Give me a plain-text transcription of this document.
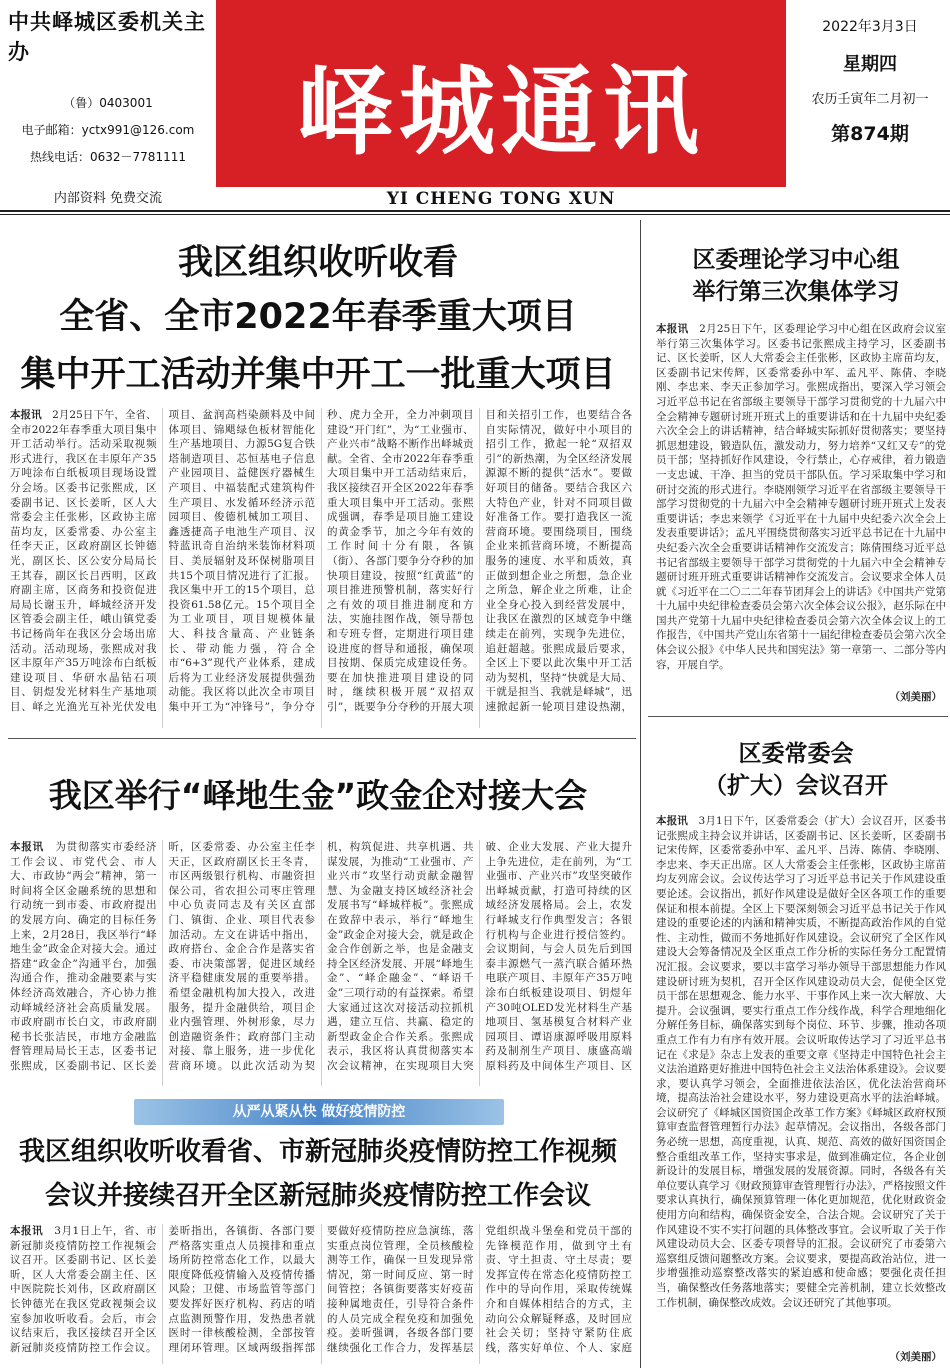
中共峄城区委机关主办
（鲁）0403001
电子邮箱：yctx991@126.com
热线电话：0632－7781111
内部资料 免费交流
峄城通讯
YI CHENG TONG XUN
2022年3月3日
星期四
农历壬寅年二月初一
第874期
我区组织收听收看
全省、全市2022年春季重大项目
集中开工活动并集中开工一批重大项目
本报讯　 2月25日下午，全省、全市2022年春季重大项目集中开工活动举行。活动采取视频形式进行，我区在丰原年产35万吨涂布白纸板项目现场设置分会场。区委书记张熙成，区委副书记、区长姜昕，区人大常委会主任张彬，区政协主席苗均友，区委常委、办公室主任李天正，区政府副区长钟德光，副区长、区公安分局局长王其春，副区长吕西明，区政府副主席，区商务和投资促进局局长谢玉升，峄城经济开发区管委会副主任，峨山镇党委书记杨尚年在我区分会场出席活动。活动现场，张熙成对我区丰原年产35万吨涂布白纸板建设项目、华研水晶钻石项目、钥煜发光材料生产基地项目、峄之光渔光互补光伏发电项目、盆润高档染颜料及中间体项目、锦飓绿色板材智能化生产基地项目、力源5G复合铁塔制造项目、芯恒基电子信息产业园项目、益健医疗器械生产项目、中福装配式建筑构件生产项目、水发循环经济示范园项目、俊德机械加工项目、鑫透捷高子电池生产项目、汉特蓝讯奇自治纳米装饰材料项目、美辰辐射及环保树脂项目共15个项目情况进行了汇报。我区集中开工的15个项目，总投资61.58亿元。15个项目全为工业项目，项目规模体量大、科技含量高、产业链条长、带动能力强，符合全市“6+3”现代产业体系，建成后将为工业经济发展提供强劲动能。我区将以此次全市项目集中开工为“冲锋号”，争分夺秒、虎力全开，全力冲刺项目建设“开门红”，为“工业强市、产业兴市”战略不断作出峄城贡献。全省、全市2022年春季重大项目集中开工活动结束后，我区接续召开全区2022年春季重大项目集中开工活动。张熙成强调，春季是项目施工建设的黄金季节，加之今年有效的工作时间十分有限，各镇（街）、各部门要争分夺秒的加快项目建设，按照“红黄蓝”的项目推进预警机制，落实好行之有效的项目推进制度和方法，实施挂图作战，领导帮包和专班专督，定期进行项目建设进度的督导和通报，确保项目按期、保质完成建设任务。要在加快推进项目建设的同时，继续积极开展“双招双引”，既要争分夺秒的开展大项目和关招引工作，也要结合各自实际情况，做好中小项目的招引工作，掀起一轮“双招双引”的新热潮，为全区经济发展源源不断的提供“活水”。要做好项目的储备。要结合我区六大特色产业，针对不同项目做好准备工作。要打造我区一流营商环境。要围绕项目，围绕企业来抓营商环境，不断提高服务的速度、水平和质效，真正做到想企业之所想，急企业之所急，解企业之所难，让企业全身心投入到经营发展中，让我区在激烈的区域竞争中继续走在前列，实现争先进位，追赶超越。张熙成最后要求，全区上下要以此次集中开工活动为契机，坚持“快就是大局、干就是担当、我就是峄城”，迅速掀起新一轮项目建设热潮，
我区举行“峄地生金”政金企对接大会
本报讯　 为贯彻落实市委经济工作会议、市党代会、市人大、市政协“两会”精神，第一时间将全区金融系统的思想和行动统一到市委、市政府提出的发展方向、确定的目标任务上来，2月28日，我区举行“峄地生金”政金企对接大会。通过搭建“政金企”沟通平台，加强沟通合作，推动金融要素与实体经济高效融合，齐心协力推动峄城经济社会高质量发展。市政府副市长白文，市政府副秘书长张洁民，市地方金融监督管理局局长王志，区委书记张熙成，区委副书记、区长姜昕，区委常委、办公室主任李天正，区政府副区长王冬青，市区两级银行机构、市融资担保公司，省农担公司枣庄管理中心负责同志及有关区直部门、镇街、企业、项目代表参加活动。左文在讲话中指出，政府搭台、金企合作是落实省委、市决策部署，促进区域经济平稳健康发展的重要举措。希望金融机构加大投入，改进服务，提升金融供给，项目企业内强管理、外树形象，尽力创造融资条件；政府部门主动对接、靠上服务，进一步优化营商环境。以此次活动为契机，构筑促进、共享机遇、共谋发展，为推动“工业强市、产业兴市”攻坚行动贡献金融智慧、为金融支持区域经济社会发展书写“峄城样板”。张熙成在致辞中表示，举行“峄地生金”政金企对接大会，就是政企金合作创新之举，也是金融支持全区经济发展、开展“峄地生金”、“峄企融金”、“峄语千金”三项行动的有益探索。希望大家通过这次对接活动拉抓机遇，建立互信、共赢、稳定的新型政金企合作关系。张熙成表示，我区将认真贯彻落实本次会议精神，在实现项目大突破、企业大发展、产业大提升上争先进位，走在前列，为“工业强市、产业兴市”攻坚突破作出峄城贡献，打造可持续的区域经济发展格局。会上，农发行峄城支行作典型发言；各银行机构与企业进行授信签约。会议期间，与会人员先后到国泰丰源燃气一蒸汽联合循环热电联产项目、丰原年产35万吨涂布白纸板建设项目、钥煜年产30吨OLED发光材料生产基地项目、氢基模复合材料产业园项目、谭语康源呼吸用原料药及制剂生产项目、康盛高端原料药及中间体生产项目、区
从严从紧从快 做好疫情防控
我区组织收听收看省、市新冠肺炎疫情防控工作视频
会议并接续召开全区新冠肺炎疫情防控工作会议
本报讯　 3月1日上午，省、市新冠肺炎疫情防控工作视频会议召开。区委副书记、区长姜昕，区人大常委会副主任、区中医院院长刘伟，区政府副区长钟德光在我区党政视频会议室参加收听收看。会后，市会议结束后，我区接续召开全区新冠肺炎疫情防控工作会议。姜昕指出，各镇街、各部门要严格落实重点人员摸排和重点场所防控常态化工作，以最大限度降低疫情输入及疫情传播风险；卫健、市场监管等部门要发挥好医疗机构、药店的哨点监测预警作用，发热患者就医时一律核酸检测，全部按管理闭环管理。区域两级指挥部要做好疫情防控应急演练，落实重点岗位管理，全员核酸检测等工作，确保一旦发现异常情况，第一时间反应、第一时间管控；各镇街要落实好疫苗接种属地责任，引导符合条件的人员完成全程免疫和加强免疫。姜昕强调，各级各部门要继续强化工作合力，发挥基层党组织战斗堡垒和党员干部的先锋模范作用，做到守土有责、守土担责、守土尽责；要发挥宣传在常态化疫情防控工作中的导向作用，采取传统媒介和自媒体相结合的方式，主动向公众解疑释惑，及时回应社会关切；坚持守紧防住底线，落实好单位、个人、家庭
区委理论学习中心组
举行第三次集体学习
本报讯　 2月25日下午，区委理论学习中心组在区政府会议室举行第三次集体学习。区委书记张熙成主持学习，区委副书记、区长姜昕，区人大常委会主任张彬，区政协主席苗均友，区委副书记宋传辉，区委常委孙中军、孟凡平、陈倩、李晓刚、李忠来、李天正参加学习。张熙成指出，要深入学习领会习近平总书记在省部级主要领导干部学习贯彻党的十九届六中全会精神专题研讨班开班式上的重要讲话和在十九届中央纪委六次全会上的讲话精神，结合峄城实际抓好贯彻落实；要坚持抓思想建设，锻造队伍，激发动力，努力培养“又红又专”的党员干部；坚持抓好作风建设，令行禁止，心存戒律，着力锻造一支忠诚、干净、担当的党员干部队伍。学习采取集中学习和研讨交流的形式进行。李晓刚领学习近平在省部级主要领导干部学习贯彻党的十九届六中全会精神专题研讨班开班式上发表重要讲话；李忠来领学《习近平在十九届中央纪委六次全会上发表重要讲话》；孟凡平围绕贯彻落实习近平总书记在十九届中央纪委六次全会重要讲话精神作交流发言；陈倩围绕习近平总书记省部级主要领导干部学习贯彻党的十九届六中全会精神专题研讨班开班式重要讲话精神作交流发言。会议要求全体人员就《习近平在二〇二二年春节团拜会上的讲话》《中国共产党第十九届中央纪律检查委员会第六次全体会议公报》，赵乐际在中国共产党第十九届中央纪律检查委员会第六次全体会议上的工作报告，《中国共产党山东省第十一届纪律检查委员会第六次全体会议公报》《中华人民共和国宪法》第一章第一、二部分等内容，开展自学。
（刘美丽）
区委常委会
（扩大）会议召开
本报讯　 3月1日下午，区委常委会（扩大）会议召开，区委书记张熙成主持会议并讲话，区委副书记、区长姜昕，区委副书记宋传辉，区委常委孙中军、孟凡平、吕涛、陈倩、李晓刚、李忠来、李天正出席。区人大常委会主任张彬，区政协主席苗均友列席会议。会议传达学习了习近平总书记关于作风建设重要论述。会议指出，抓好作风建设是做好全区各项工作的重要保证和根本前提。全区上下要深刻领会习近平总书记关于作风建设的重要论述的内涵和精神实质，不断提高政治作风的自觉性、主动性，做而不务地抓好作风建设。会议研究了全区作风建设大会筹备情况及全区重点工作分析的实际任务分工配置情况汇报。会议要求，要以丰富学习举办领导干部思想能力作风建设研讨班为契机，召开全区作风建设动员大会，促使全区党员干部在思想观念、能力水平、干事作风上来一次大解放、大提升。会议强调，要实行重点工作分线作战，科学合理地细化分解任务目标，确保落实到每个岗位、环节、步骤，推动各项重点工作有力有序有效开展。会议听取传达学习了习近平总书记在《求是》杂志上发表的重要文章《坚持走中国特色社会主义法治道路更好推进中国特色社会主义法治体系建设》。会议要求，要认真学习领会，全面推进依法治区，优化法治营商环境，提高法治社会建设水平，努力建设更高水平的法治峄城。会议研究了《峄城区国资国企改革工作方案》《峄城区政府权预算审查监督管理暂行办法》起草情况。会议指出，各级各部门务必统一思想，高度重视，认真、规范、高效的做好国资国企整合重组改革工作，坚持实事求是，做到准确定位，各企业创新设计的发展目标，增强发展的发展资源。同时，各级各有关单位要认真学习《财政预算审查管理暂行办法》，严格按照文件要求认真执行，确保预算管理一体化更加规范，优化财政资金使用方向和结构，确保资金安全，合法合规。会议研究了关于作风建设不实不实打问题的具体整改事宜。会议听取了关于作风建设动员大会、区委专项督导的汇报。会议研究了市委第六巡察组反馈问题整改方案。会议要求，要提高政治站位，进一步增强推动巡察整改落实的紧迫感和使命感；要强化责任担当，确保整改任务落地落实；要健全完善机制，建立长效整改工作机制，确保整改成效。会议还研究了其他事项。
（刘美丽）
